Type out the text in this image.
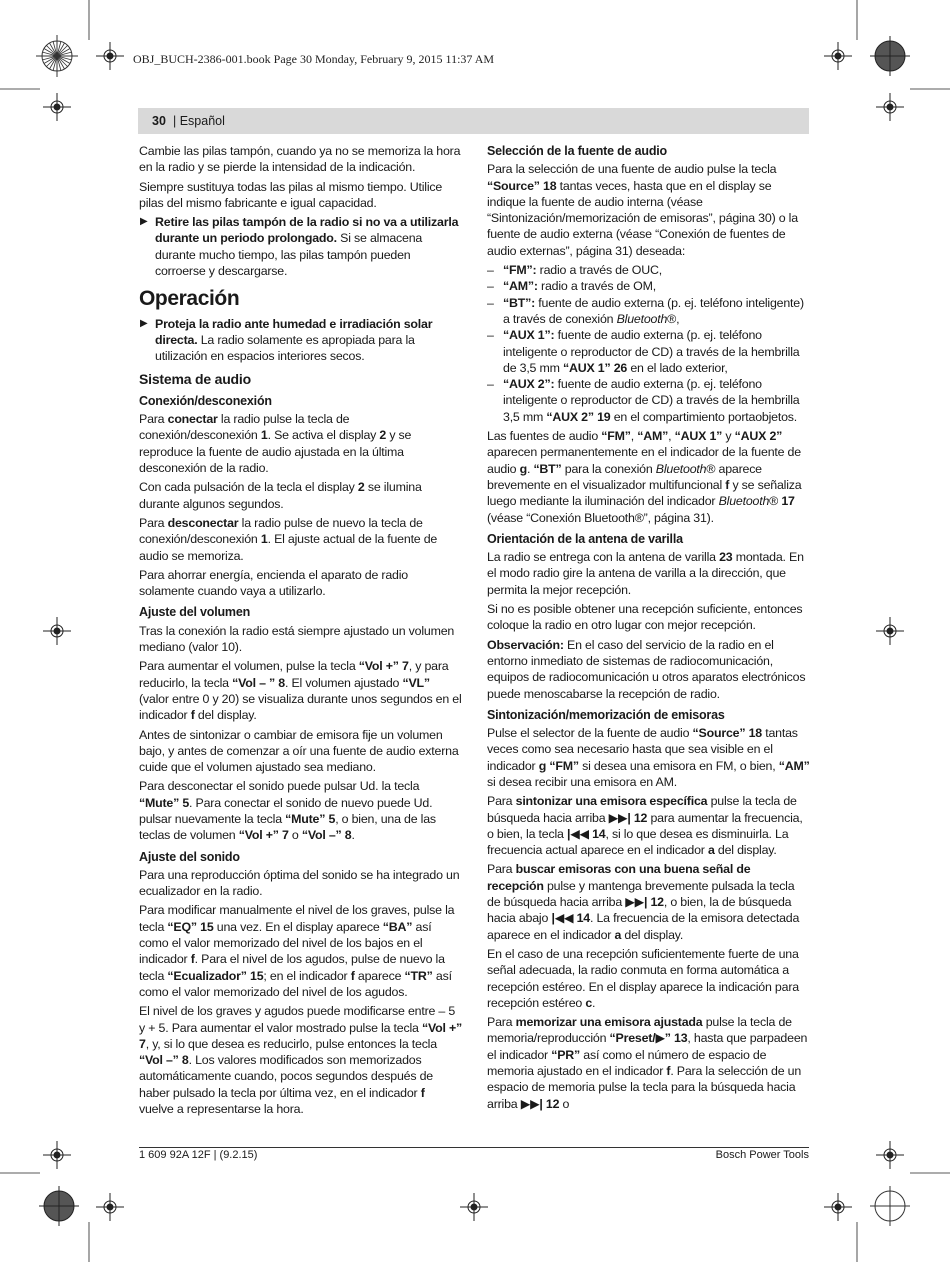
OBJ_BUCH-2386-001.book Page 30 Monday, February 9, 2015 11:37 AM
30 | Español

Cambie las pilas tampón, cuando ya no se memoriza la hora en la radio y se pierde la intensidad de la indicación.

Siempre sustituya todas las pilas al mismo tiempo. Utilice pilas del mismo fabricante e igual capacidad.

▶ Retire las pilas tampón de la radio si no va a utilizarla durante un periodo prolongado. Si se almacena durante mucho tiempo, las pilas tampón pueden corroerse y descargarse.
Operación
▶ Proteja la radio ante humedad e irradiación solar directa. La radio solamente es apropiada para la utilización en espacios interiores secos.
Sistema de audio
Conexión/desconexión

Para conectar la radio pulse la tecla de conexión/desconexión 1. Se activa el display 2 y se reproduce la fuente de audio ajustada en la última desconexión de la radio.

Con cada pulsación de la tecla el display 2 se ilumina durante algunos segundos.

Para desconectar la radio pulse de nuevo la tecla de conexión/desconexión 1. El ajuste actual de la fuente de audio se memoriza.

Para ahorrar energía, encienda el aparato de radio solamente cuando vaya a utilizarlo.

Ajuste del volumen

Tras la conexión la radio está siempre ajustado un volumen mediano (valor 10).

Para aumentar el volumen, pulse la tecla “Vol +” 7, y para reducirlo, la tecla “Vol – ” 8. El volumen ajustado “VL” (valor entre 0 y 20) se visualiza durante unos segundos en el indicador f del display.

Antes de sintonizar o cambiar de emisora fije un volumen bajo, y antes de comenzar a oír una fuente de audio externa cuide que el volumen ajustado sea mediano.

Para desconectar el sonido puede pulsar Ud. la tecla “Mute” 5. Para conectar el sonido de nuevo puede Ud. pulsar nuevamente la tecla “Mute” 5, o bien, una de las teclas de volumen “Vol +” 7 o “Vol –” 8.

Ajuste del sonido

Para una reproducción óptima del sonido se ha integrado un ecualizador en la radio.

Para modificar manualmente el nivel de los graves, pulse la tecla “EQ” 15 una vez. En el display aparece “BA” así como el valor memorizado del nivel de los bajos en el indicador f. Para el nivel de los agudos, pulse de nuevo la tecla “Ecualizador” 15; en el indicador f aparece “TR” así como el valor memorizado del nivel de los agudos.

El nivel de los graves y agudos puede modificarse entre – 5 y + 5. Para aumentar el valor mostrado pulse la tecla “Vol +” 7, y, si lo que desea es reducirlo, pulse entonces la tecla “Vol –” 8. Los valores modificados son memorizados automáticamente cuando, pocos segundos después de haber pulsado la tecla por última vez, en el indicador f vuelve a representarse la hora.

Selección de la fuente de audio

Para la selección de una fuente de audio pulse la tecla “Source” 18 tantas veces, hasta que en el display se indique la fuente de audio interna (véase “Sintonización/memorización de emisoras”, página 30) o la fuente de audio externa (véase “Conexión de fuentes de audio externas”, página 31) deseada:

– “FM”: radio a través de OUC,
– “AM”: radio a través de OM,
– “BT”: fuente de audio externa (p. ej. teléfono inteligente) a través de conexión Bluetooth®,
– “AUX 1”: fuente de audio externa (p. ej. teléfono inteligente o reproductor de CD) a través de la hembrilla de 3,5 mm “AUX 1” 26 en el lado exterior,
– “AUX 2”: fuente de audio externa (p. ej. teléfono inteligente o reproductor de CD) a través de la hembrilla 3,5 mm “AUX 2” 19 en el compartimiento portaobjetos.

Las fuentes de audio “FM”, “AM”, “AUX 1” y “AUX 2” aparecen permanentemente en el indicador de la fuente de audio g. “BT” para la conexión Bluetooth® aparece brevemente en el visualizador multifuncional f y se señaliza luego mediante la iluminación del indicador Bluetooth® 17 (véase “Conexión Bluetooth®”, página 31).

Orientación de la antena de varilla

La radio se entrega con la antena de varilla 23 montada. En el modo radio gire la antena de varilla a la dirección, que permita la mejor recepción.

Si no es posible obtener una recepción suficiente, entonces coloque la radio en otro lugar con mejor recepción.

Observación: En el caso del servicio de la radio en el entorno inmediato de sistemas de radiocomunicación, equipos de radiocomunicación u otros aparatos electrónicos puede menoscabarse la recepción de radio.

Sintonización/memorización de emisoras

Pulse el selector de la fuente de audio “Source” 18 tantas veces como sea necesario hasta que sea visible en el indicador g “FM” si desea una emisora en FM, o bien, “AM” si desea recibir una emisora en AM.

Para sintonizar una emisora específica pulse la tecla de búsqueda hacia arriba ▶▶| 12 para aumentar la frecuencia, o bien, la tecla |◀◀ 14, si lo que desea es disminuirla. La frecuencia actual aparece en el indicador a del display.

Para buscar emisoras con una buena señal de recepción pulse y mantenga brevemente pulsada la tecla de búsqueda hacia arriba ▶▶| 12, o bien, la de búsqueda hacia abajo |◀◀ 14. La frecuencia de la emisora detectada aparece en el indicador a del display.

En el caso de una recepción suficientemente fuerte de una señal adecuada, la radio conmuta en forma automática a recepción estéreo. En el display aparece la indicación para recepción estéreo c.

Para memorizar una emisora ajustada pulse la tecla de memoria/reproducción “Preset/▶” 13, hasta que parpadeen el indicador “PR” así como el número de espacio de memoria ajustado en el indicador f. Para la selección de un espacio de memoria pulse la tecla para la búsqueda hacia arriba ▶▶| 12 o

1 609 92A 12F | (9.2.15)	Bosch Power Tools
